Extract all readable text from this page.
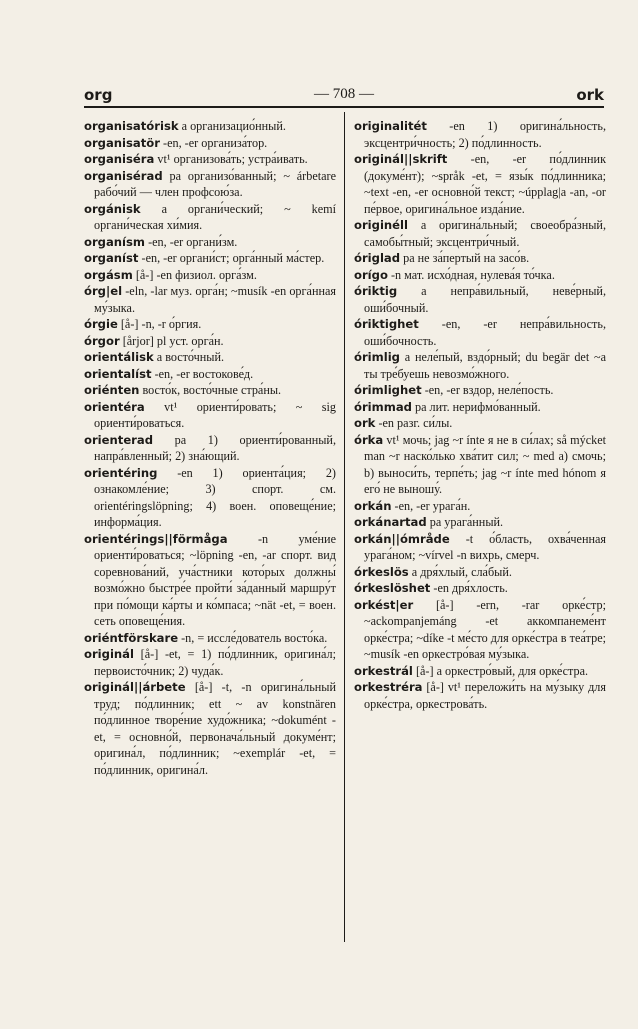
org	— 708 —	ork

organisatórisk а организацио́нный.

organisatör -en, -er организа́тор.

organiséra vt¹ организова́ть; устра́ивать.

organisérad pa организо́ванный; ~ árbetare рабо́чий — член профсою́за.

orgánisk a органи́ческий; ~ kemí органи́ческая хи́мия.

organísm -en, -er органи́зм.

organíst -en, -er органи́ст; орга́нный ма́стер.

orgásm [å-] -en физиол. орга́зм.

órg|el -eln, -lar муз. орга́н; ~musík -en орга́нная му́зыка.

órgie [å-] -n, -r о́ргия.

órgor [årjor] pl уст. орга́н.

orientálisk a восто́чный.

orientalíst -en, -er востокове́д.

oriénten восто́к, восто́чные стра́ны.

orientéra vt¹ ориенти́ровать; ~ sig ориенти́роваться.

orienterad pa 1) ориенти́рованный, напра́вленный; 2) зна́ющий.

orientéring -en 1) ориента́ция; 2) ознакомле́ние; 3) спорт. см. orientéringslöpning; 4) воен. оповеще́ние; информа́ция.

orientérings||förmåga -n уме́ние ориенти́роваться; ~löpning -en, -ar спорт. вид соревнова́ний, уча́стники кото́рых должны́ возмо́жно быстре́е пройти́ за́данный маршру́т при по́мощи ка́рты и ко́мпаса; ~nät -et, = воен. сеть оповеще́ния.

oriéntförskare -n, = иссле́дователь восто́ка.

originál [å-] -et, = 1) по́длинник, оригина́л; первоисто́чник; 2) чуда́к.

originál||árbete [å-] -t, -n оригина́льный труд; по́длинник; ett ~ av konstnären по́длинное творе́ние худо́жника; ~dokumént -et, = основно́й, первонача́льный докуме́нт; оригина́л, по́длинник; ~exemplár -et, = по́длинник, оригина́л.

originalitét -en 1) оригина́льность, эксцентри́чность; 2) по́длинность.

originál||skrift -en, -er по́длинник (докуме́нт); ~språk -et, = язы́к по́длинника; ~text -en, -er основно́й текст; ~úpplag|a -an, -or пе́рвое, оригина́льное изда́ние.

originéll a оригина́льный; своеобра́зный, самобы́тный; эксцентри́чный.

óriglad pa не за́пертый на засо́в.

orígo -n мат. исхо́дная, нулева́я то́чка.

óriktig a непра́вильный, неве́рный, оши́бочный.

óriktighet -en, -er непра́вильность, оши́бочность.

órimlig a неле́пый, вздо́рный; du begär det ~a ты тре́буешь невозмо́жного.

órimlighet -en, -er вздор, неле́пость.

órimmad pa лит. нерифмо́ванный.

ork -en разг. си́лы.

órka vt¹ мочь; jag ~r ínte я не в си́лах; så mýcket man ~r наско́лько хва́тит сил; ~ med a) смочь; b) выноси́ть, терпе́ть; jag ~r ínte med hónom я его́ не выношу́.

orkán -en, -er урага́н.

orkánartad pa урага́нный.

orkán||ómråde -t о́бласть, охва́ченная урага́ном; ~vírvel -n вихрь, смерч.

órkeslös a дря́хлый, сла́бый.

órkeslöshet -en дря́хлость.

orkést|er [å-] -ern, -rar орке́стр; ~ackompanjemáng -et аккомпанеме́нт орке́стра; ~díke -t ме́сто для орке́стра в теа́тре; ~musík -en оркестро́вая му́зыка.

orkestrál [å-] a оркестро́вый, для орке́стра.

orkestréra [å-] vt¹ переложи́ть на му́зыку для орке́стра, оркестрова́ть.
